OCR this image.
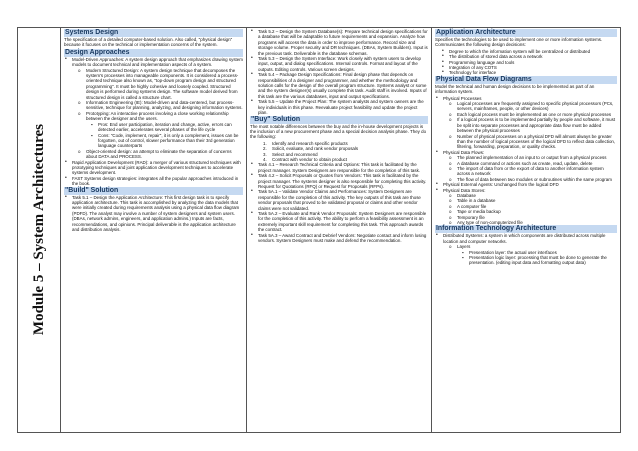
Module 5 – System Architectures
Systems Design
The specification of a detailed computer-based solution. Also called, "physical design" because it focuses on the technical or implementation concerns of the system.
Design Approaches
• Model-Driven Approaches: A system design approach that emphasizes drawing system models to document technical and implementation aspects of a system.
o Modern Structured Design: A system design technique that decomposes the system's processes into manageable components. It is considered a process-oriented technique also known as, "top-down program design and structured programming". It must be highly cohesive and loosely coupled. Structured design is performed during systems design. The software model derived from structured design is called a structure chart.
o Information Engineering (IE): Model-driven and data-centered, but process-sensitive, technique for planning, analyzing, and designing information systems.
o Prototyping: An interactive process involving a close working relationship between the designer and the users.
▪ Pros: End user participation, iteration and change, active, errors can detected earlier, accelerates several phases of the life cycle
▪ Cons: "Code, implement, repair", it is only a complement, issues can be forgotten, out of control, slower performance than their 3rd generation language counterparts
o Object-oriented design: an attempt to eliminate the separation of concerns about DATA and PROCESS.
• Rapid Application Development (RAD): a merger of various structured techniques with prototyping techniques and joint application development techniques to accelerate systems development.
• FAST Systems design strategies: integrates all the popular approaches introduced in the book.
"Build" Solution
• Task 5.1 – Design the Application Architecture: This first design task is to specify application architecture. This task is accomplished by analyzing the data models that were initially created during requirements analysis using a physical data flow diagram (PDFD). The analyst may involve a number of system designers and system users. (DBAs, network admins, engineers, and application admins.) Inputs are facts, recommendations, and opinions. Principal deliverable is the application architecture and distribution analysis.
• Task 5.2 – Design the System Database(s): Prepare technical design specifications for a database that will be adaptable to future requirements and expansion. Analyze how programs will access the data in order to improve performance. Record size and storage volume. Proper security and DR techniques. (DBAs, System Builders). Input is the previous task. Deliverable is the database schemas.
• Task 5.3 – Design the System Interface: Work closely with system users to develop input, output, and dialog specifications. Internal controls. Format and layout of the outputs. Editing controls. Various screen designs.
• Task 5.4 – Package Design Specifications: Final design phase that depends on responsibilities of a designer and programmer, and whether the methodology and solution calls for the design of the overall program structure. Systems analyst or some and the system designer(s) usually complete this task. Audit staff is involved. Inputs of this task are the various databases, input and output specifications.
• Task 5.5 – Update the Project Plan: The system analysts and system owners are the key individuals in this phase. Reevaluate project feasibility and update the project plan.
"Buy" Solution
The most notable differences between the buy and the in-house development projects is the inclusion of a new procurement phase and a special decision analysis phase. They do the following:
1. Identify and research specific products
2. Solicit, evaluate, and rank vendor proposals
3. Select and recommend
4. Contract with vendor to obtain product
• Task 4.1 – Research Technical Criteria and Options: This task is facilitated by the project manager. System Designers are responsible for the completion of this task.
• Task 4.2 – Solicit Proposals or Quotes from Vendors: This task is facilitated by the project manager. The systems designer is also responsible for completing this activity. Request for Quotations (RFQ) or Request for Proposals (RFPs).
• Task 5A.1 – Validate Vendor Claims and Performances: System Designers are responsible for the completion of this activity. The key outputs of this task are those vendor proposals that proved to be validated proposal or claims and other vendor claims were not validated.
• Task 5A.2 – Evaluate and Rank Vendor Proposals: System Designers are responsible for the completion of this activity. The ability to perform a feasibility assessment is an extremely important skill requirement for completing this task. This approach awards the contract.
• Task 5A.3 – Award Contract and Debrief Vendors: Negotiate contact and inform losing vendors. System Designers must make and defend the recommendation.
Application Architecture
Specifies the technologies to be used to implement one or more information systems. Communicates the following design decisions:
• Degree to which the information system will be centralized or distributed
• The distribution of stored data across a network
• Programming language and tools
• Integration of any COTS
• Technology for interface
Physical Data Flow Diagrams
Model the technical and human design decisions to be implemented as part of an information system.
• Physical Processes
o Logical processes are frequently assigned to specific physical processors (PCs, servers, mainframes, people, or other devices)
o Each logical process must be implemented as one or more physical processes
o If a logical process is to be implemented partially by people and software, it must be split into separate processes and appropriate data flow must be added between the physical processes
o Number of physical processes on a physical DFD will almost always be greater than the number of logical processes of the logical DFD to reflect data collection, filtering, forwarding, preparation, or quality checks.
• Physical Data Flows:
o The planned implementation of an input to or output from a physical process
o A database command or actions such as create, read, update, delete
o The import of data from or the export of data to another information system across a network
o The flow of data between two modules or subroutines within the same program
• Physical External Agents: Unchanged from the logical DFD
• Physical Data Stores:
o Database
o Table in a database
o A computer file
o Tape or media backup
o Temporary file
o Any type of non-computerized file
Information Technology Architecture
• Distributed Systems: a system in which components are distributed across multiple location and computer networks.
o Layers
▪ Presentation layer: the actual user interfaces
▪ Presentation logic layer: processing that must be done to generate the presentation. (editing input data and formatting output data)
